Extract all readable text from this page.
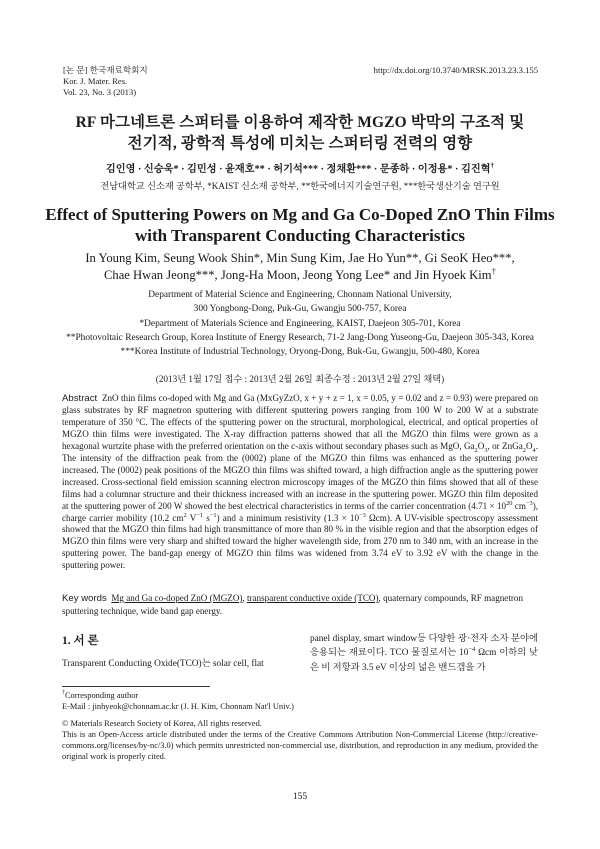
[논 문] 한국재료학회지
Kor. J. Mater. Res.
Vol. 23, No. 3 (2013)
http://dx.doi.org/10.3740/MRSK.2013.23.3.155
RF 마그네트론 스퍼터를 이용하여 제작한 MGZO 박막의 구조적 및
전기적, 광학적 특성에 미치는 스퍼터링 전력의 영향
김인영 · 신승욱* · 김민성 · 윤재호** · 허기석*** · 정채환*** · 문종하 · 이정용* · 김진혁†
전남대학교 신소재 공학부, *KAIST 신소재 공학부, **한국에너지기술연구원, ***한국생산기술 연구원
Effect of Sputtering Powers on Mg and Ga Co-Doped ZnO Thin Films
with Transparent Conducting Characteristics
In Young Kim, Seung Wook Shin*, Min Sung Kim, Jae Ho Yun**, Gi SeoK Heo***,
Chae Hwan Jeong***, Jong-Ha Moon, Jeong Yong Lee* and Jin Hyoek Kim†
Department of Material Science and Engineering, Chonnam National University,
300 Yongbong-Dong, Puk-Gu, Gwangju 500-757, Korea
*Department of Materials Science and Engineering, KAIST, Daejeon 305-701, Korea
**Photovoltaic Research Group, Korea Institute of Energy Research, 71-2 Jang-Dong Yuseong-Gu, Daejeon 305-343, Korea
***Korea Institute of Industrial Technology, Oryong-Dong, Buk-Gu, Gwangju, 500-480, Korea
(2013년 1월 17일 접수 : 2013년 2월 26일 최종수정 : 2013년 2월 27일 채택)
Abstract ZnO thin films co-doped with Mg and Ga (MxGyZzO, x + y + z = 1, x = 0.05, y = 0.02 and z = 0.93) were prepared on glass substrates by RF magnetron sputtering with different sputtering powers ranging from 100 W to 200 W at a substrate temperature of 350 °C. The effects of the sputtering power on the structural, morphological, electrical, and optical properties of MGZO thin films were investigated. The X-ray diffraction patterns showed that all the MGZO thin films were grown as a hexagonal wurtzite phase with the preferred orientation on the c-axis without secondary phases such as MgO, $Ga_2O_3$, or $ZnGa_2O_4$. The intensity of the diffraction peak from the (0002) plane of the MGZO thin films was enhanced as the sputtering power increased. The (0002) peak positions of the MGZO thin films was shifted toward, a high diffraction angle as the sputtering power increased. Cross-sectional field emission scanning electron microscopy images of the MGZO thin films showed that all of these films had a columnar structure and their thickness increased with an increase in the sputtering power. MGZO thin film deposited at the sputtering power of 200 W showed the best electrical characteristics in terms of the carrier concentration ($4.71 \times 10^{20}$ $cm^{-3}$), charge carrier mobility (10.2 $cm^2$ $V^{-1}$ $s^{-1}$) and a minimum resistivity ($1.3 \times 10^{-3}$ Ωcm). A UV-visible spectroscopy assessment showed that the MGZO thin films had high transmittance of more than 80 % in the visible region and that the absorption edges of MGZO thin films were very sharp and shifted toward the higher wavelength side, from 270 nm to 340 nm, with an increase in the sputtering power. The band-gap energy of MGZO thin films was widened from 3.74 eV to 3.92 eV with the change in the sputtering power.
Key words Mg and Ga co-doped ZnO (MGZO), transparent conductive oxide (TCO), quaternary compounds, RF magnetron sputtering technique, wide band gap energy.
1. 서 론
Transparent Conducting Oxide(TCO)는 solar cell, flat
panel display, smart window등 다양한 광·전자 소자 분야에 응용되는 재료이다. TCO 물질로서는 $10^{-4}$ Ωcm 이하의 낮은 비 저항과 3.5 eV 이상의 넓은 밴드갭을 가
†Corresponding author
E-Mail : jinhyeok@chonnam.ac.kr (J. H. Kim, Chonnam Nat'l Univ.)
© Materials Research Society of Korea, All rights reserved.
This is an Open-Access article distributed under the terms of the Creative Commons Attribution Non-Commercial License (http://creative-commons.org/licenses/by-nc/3.0) which permits unrestricted non-commercial use, distribution, and reproduction in any medium, provided the original work is properly cited.
155
